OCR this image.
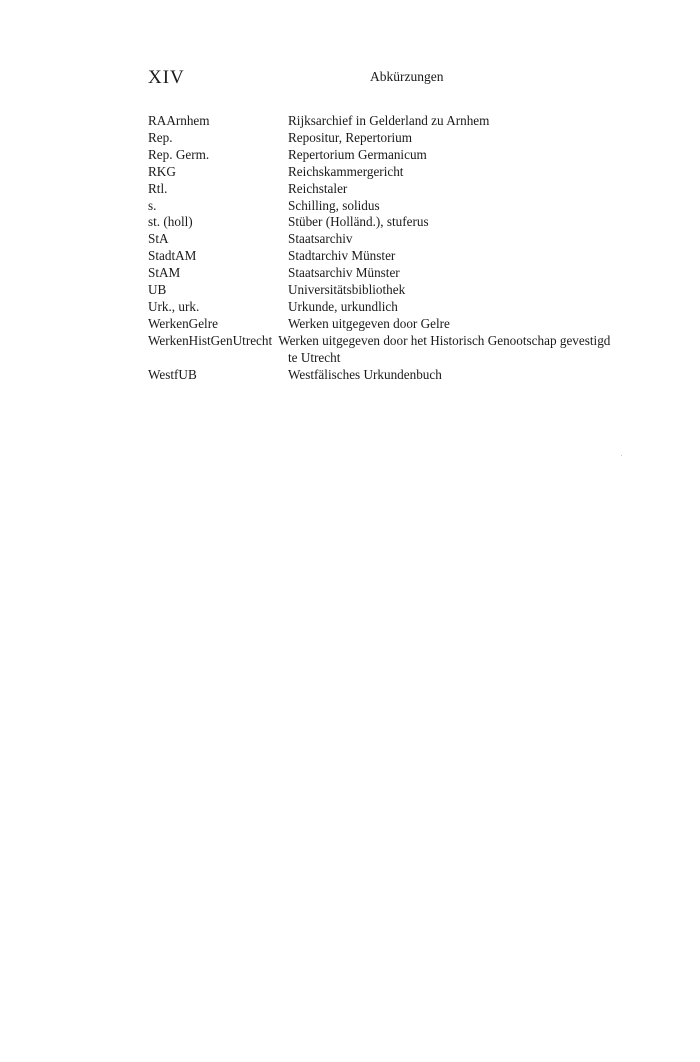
XIV	Abkürzungen
RAArnhem	Rijksarchief in Gelderland zu Arnhem
Rep.	Repositur, Repertorium
Rep. Germ.	Repertorium Germanicum
RKG	Reichskammergericht
Rtl.	Reichstaler
s.	Schilling, solidus
st. (holl)	Stüber (Holländ.), stuferus
StA	Staatsarchiv
StadtAM	Stadtarchiv Münster
StAM	Staatsarchiv Münster
UB	Universitätsbibliothek
Urk., urk.	Urkunde, urkundlich
WerkenGelre	Werken uitgegeven door Gelre
WerkenHistGenUtrecht Werken uitgegeven door het Historisch Genootschap gevestigd
te Utrecht
WestfUB	Westfälisches Urkundenbuch
